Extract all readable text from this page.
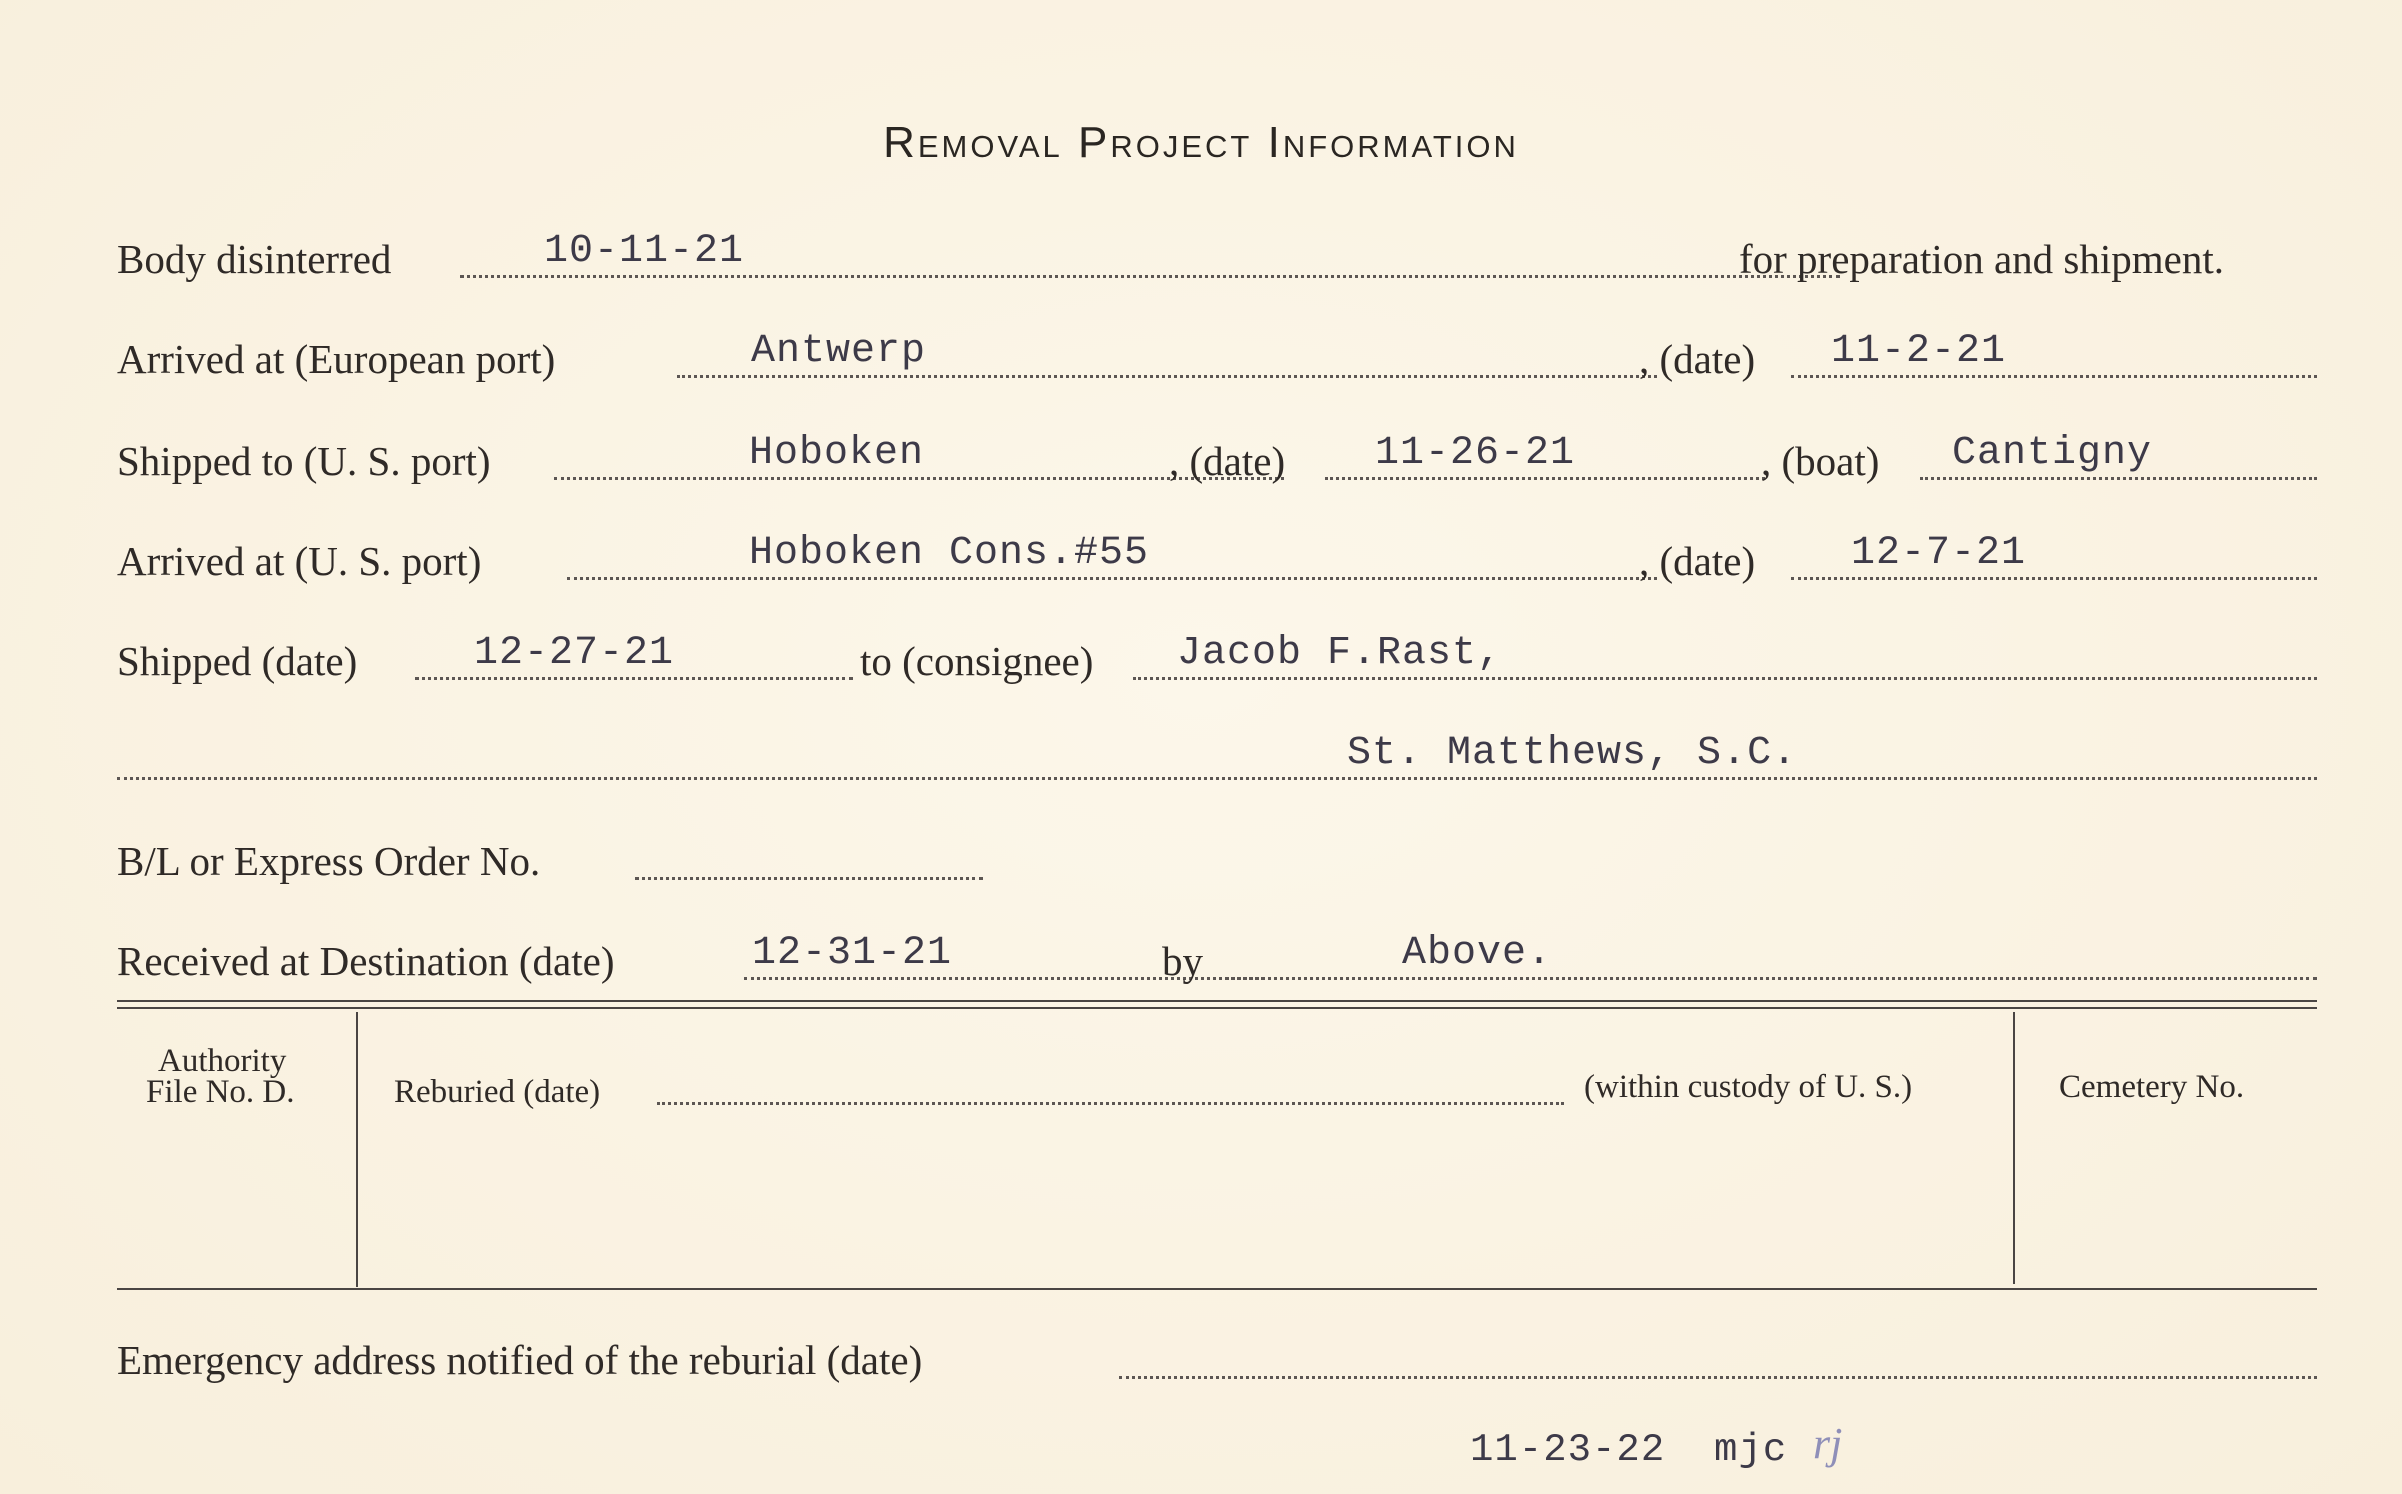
Removal Project Information
Body disinterred	10-11-21	for preparation and shipment.
Arrived at (European port)	Antwerp	, (date) 11-2-21
Shipped to (U. S. port)	Hoboken	, (date) 11-26-21	, (boat) Cantigny
Arrived at (U. S. port)	Hoboken Cons.#55	, (date) 12-7-21
Shipped (date)	12-27-21	to (consignee) Jacob F.Rast,
St. Matthews, S.C.
B/L or Express Order No.
Received at Destination (date)	12-31-21	by	Above.
Authority
File No. D.	Reburied (date)	(within custody of U. S.)	Cemetery No.
Emergency address notified of the reburial (date)
11-23-22  mjc rj
